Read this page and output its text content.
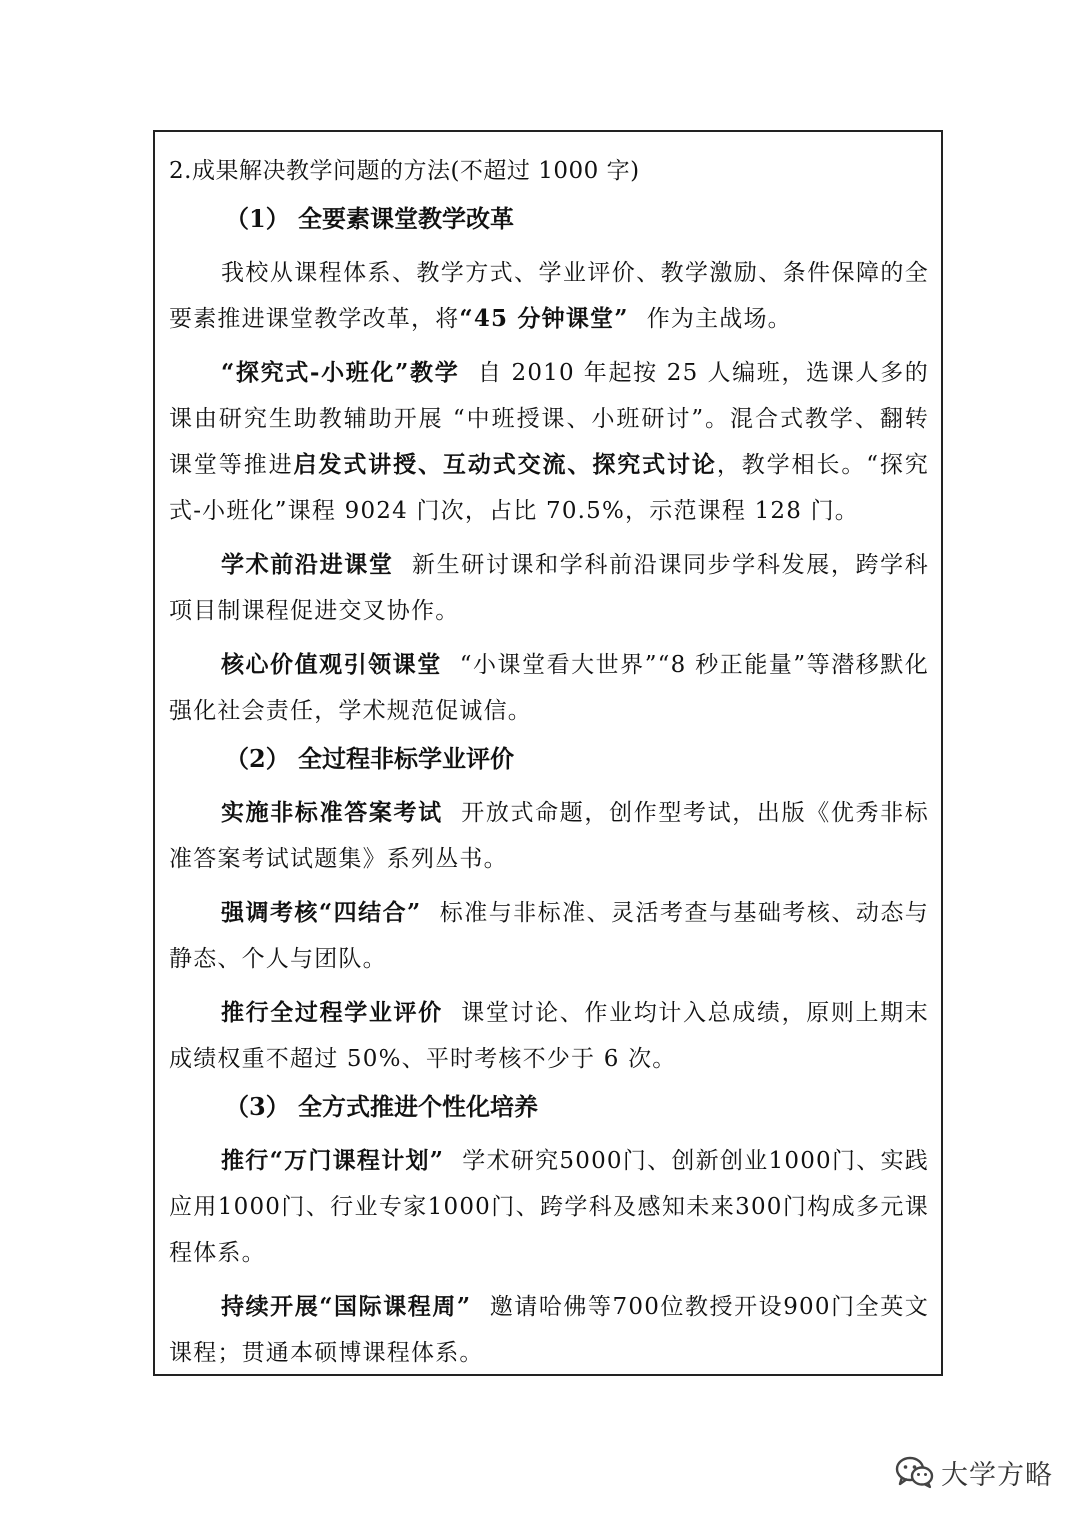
2.成果解决教学问题的方法(不超过 1000 字)

（1） 全要素课堂教学改革

我校从课程体系、教学方式、学业评价、教学激励、条件保障的全要素推进课堂教学改革，将“45 分钟课堂” 作为主战场。

“探究式-小班化”教学 自 2010 年起按 25 人编班，选课人多的课由研究生助教辅助开展 “中班授课、小班研讨”。混合式教学、翻转课堂等推进启发式讲授、互动式交流、探究式讨论，教学相长。“探究式-小班化”课程 9024 门次，占比 70.5%，示范课程 128 门。

学术前沿进课堂 新生研讨课和学科前沿课同步学科发展，跨学科项目制课程促进交叉协作。

核心价值观引领课堂 “小课堂看大世界”“8 秒正能量”等潜移默化强化社会责任，学术规范促诚信。

（2） 全过程非标学业评价

实施非标准答案考试 开放式命题，创作型考试，出版《优秀非标准答案考试试题集》系列丛书。

强调考核“四结合” 标准与非标准、灵活考查与基础考核、动态与静态、个人与团队。

推行全过程学业评价 课堂讨论、作业均计入总成绩，原则上期末成绩权重不超过 50%、平时考核不少于 6 次。

（3） 全方式推进个性化培养

推行“万门课程计划” 学术研究5000门、创新创业1000门、实践应用1000门、行业专家1000门、跨学科及感知未来300门构成多元课程体系。

持续开展“国际课程周” 邀请哈佛等700位教授开设900门全英文课程；贯通本硕博课程体系。

大学方略
